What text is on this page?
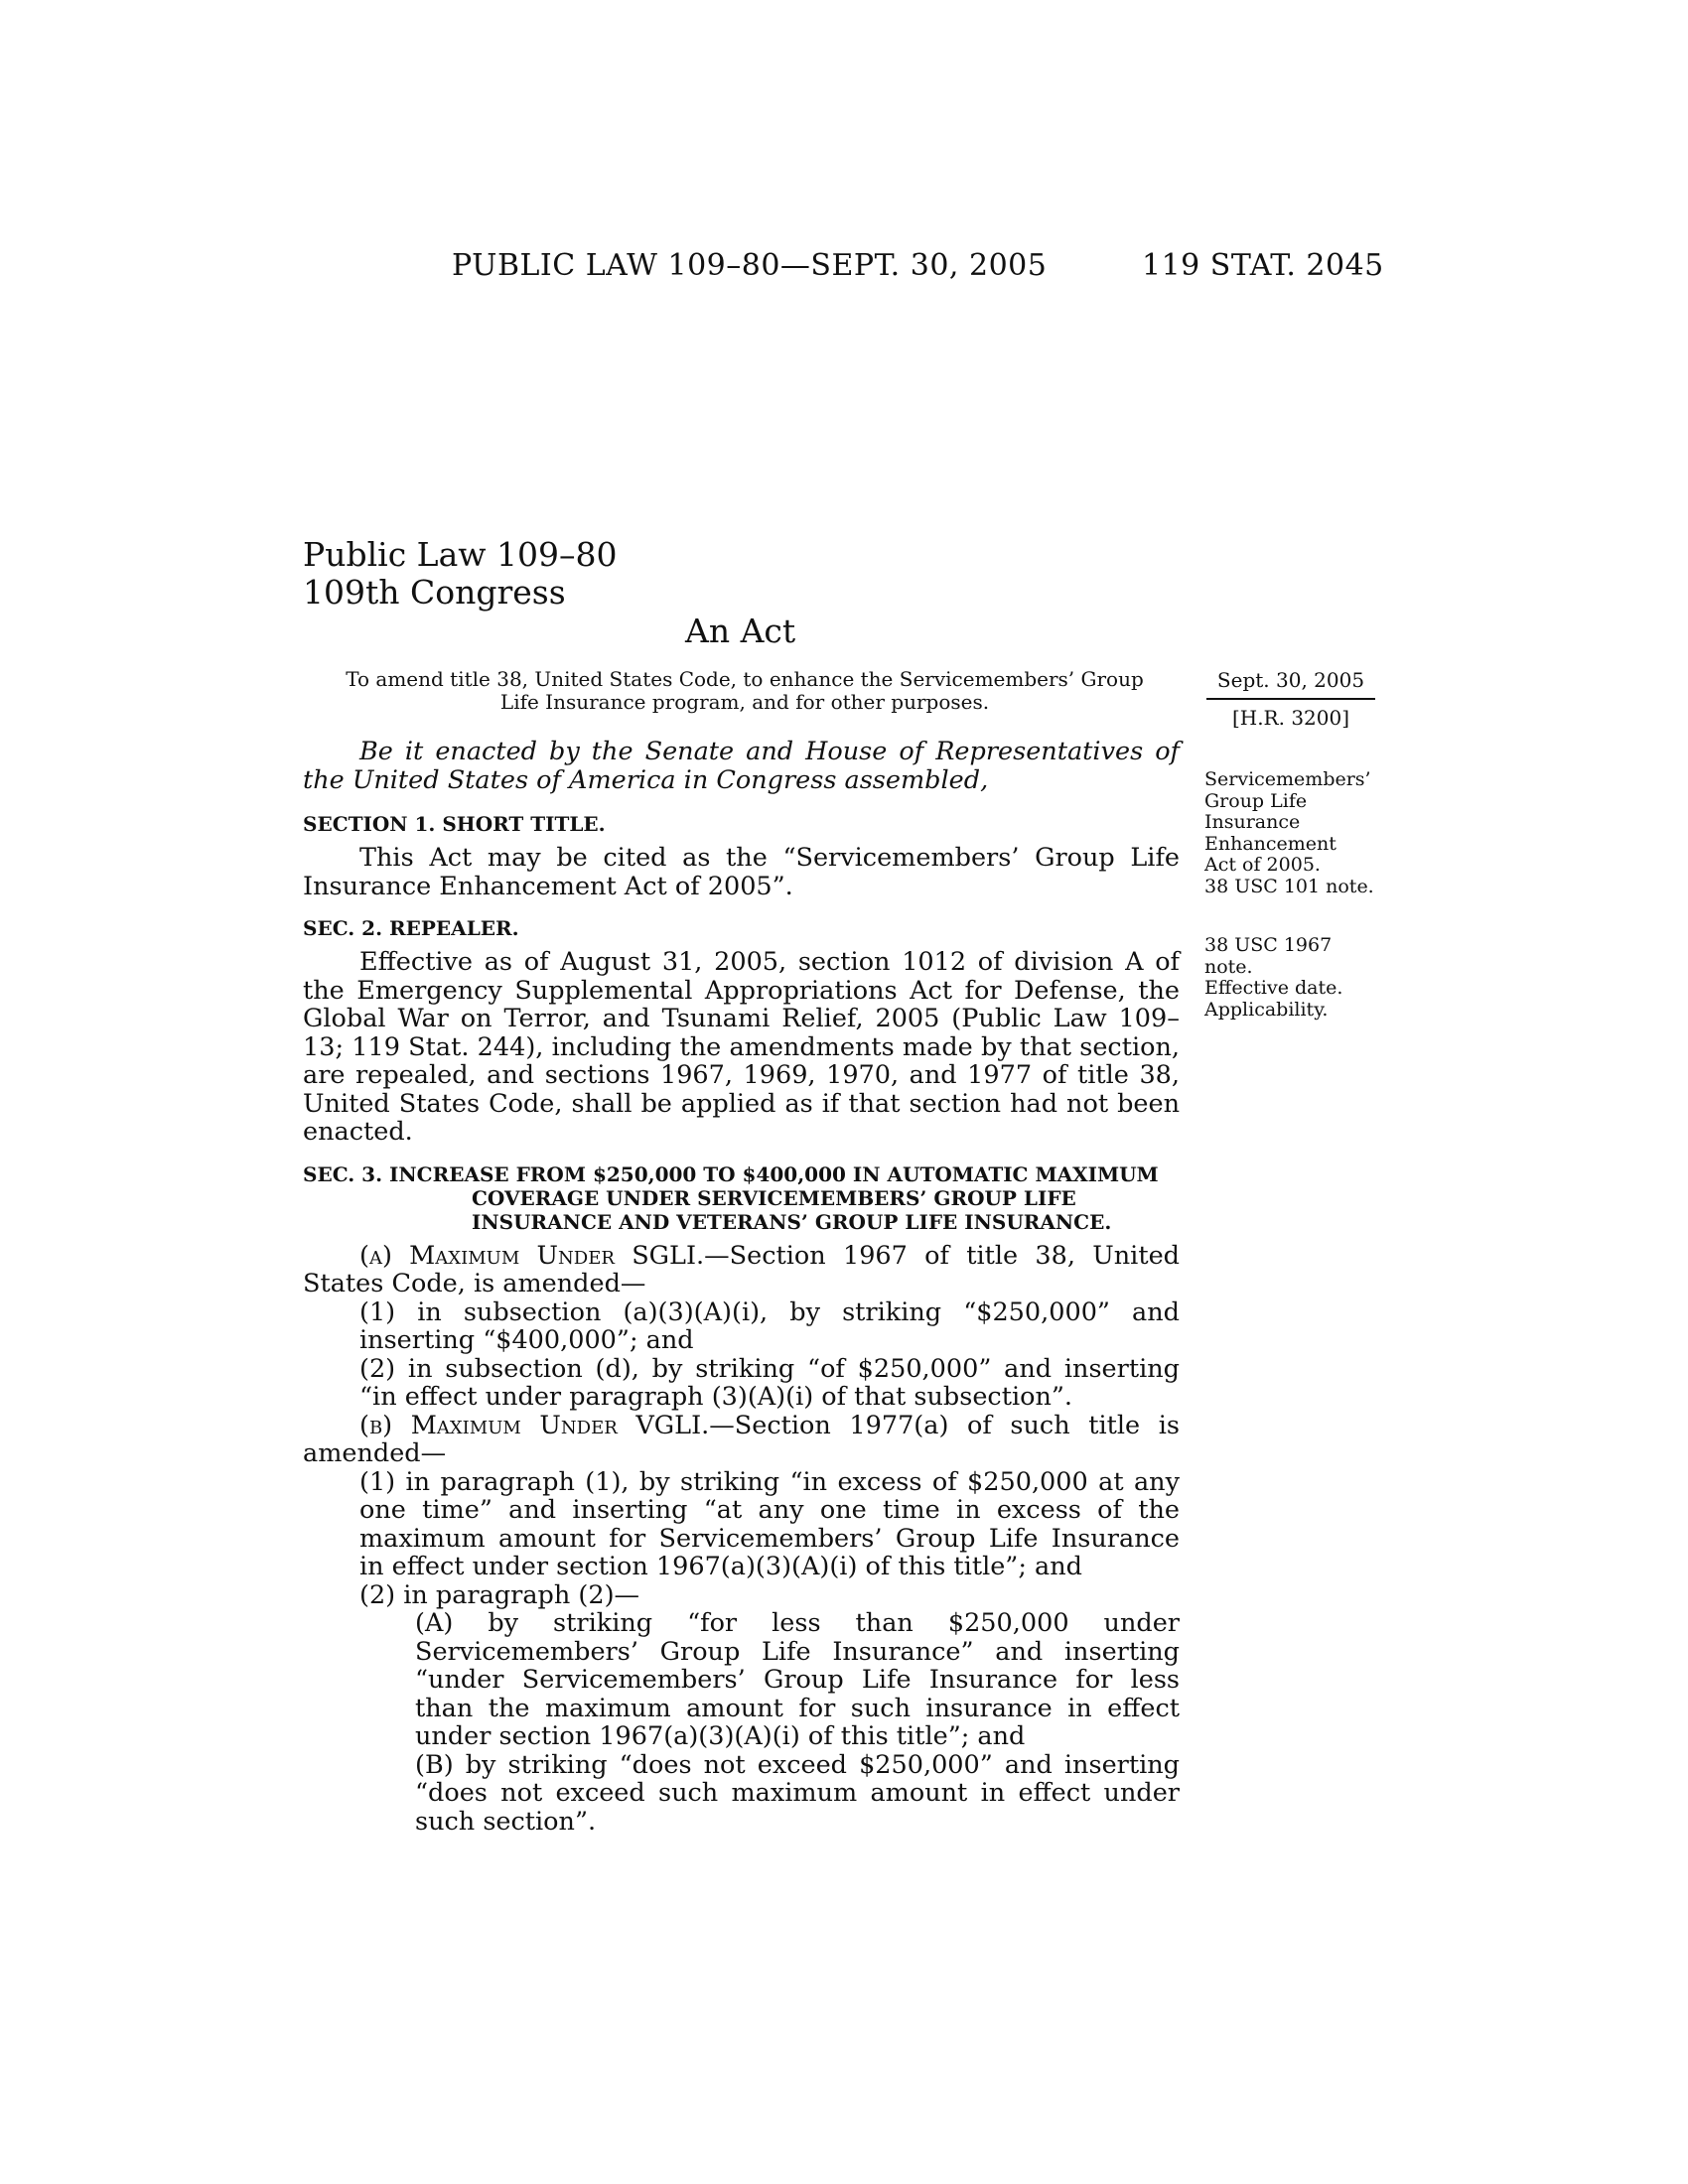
PUBLIC LAW 109–80—SEPT. 30, 2005	119 STAT. 2045
Public Law 109–80
109th Congress
An Act
To amend title 38, United States Code, to enhance the Servicemembers’ Group Life Insurance program, and for other purposes.
Sept. 30, 2005
[H.R. 3200]

Be it enacted by the Senate and House of Representatives of the United States of America in Congress assembled,

SECTION 1. SHORT TITLE.

This Act may be cited as the “Servicemembers’ Group Life Insurance Enhancement Act of 2005”.

SEC. 2. REPEALER.

Effective as of August 31, 2005, section 1012 of division A of the Emergency Supplemental Appropriations Act for Defense, the Global War on Terror, and Tsunami Relief, 2005 (Public Law 109–13; 119 Stat. 244), including the amendments made by that section, are repealed, and sections 1967, 1969, 1970, and 1977 of title 38, United States Code, shall be applied as if that section had not been enacted.

SEC. 3. INCREASE FROM $250,000 TO $400,000 IN AUTOMATIC MAXIMUM COVERAGE UNDER SERVICEMEMBERS’ GROUP LIFE INSURANCE AND VETERANS’ GROUP LIFE INSURANCE.

(a) Maximum Under SGLI.—Section 1967 of title 38, United States Code, is amended—

(1) in subsection (a)(3)(A)(i), by striking “$250,000” and inserting “$400,000”; and

(2) in subsection (d), by striking “of $250,000” and inserting “in effect under paragraph (3)(A)(i) of that subsection”.

(b) Maximum Under VGLI.—Section 1977(a) of such title is amended—

(1) in paragraph (1), by striking “in excess of $250,000 at any one time” and inserting “at any one time in excess of the maximum amount for Servicemembers’ Group Life Insurance in effect under section 1967(a)(3)(A)(i) of this title”; and

(2) in paragraph (2)—

(A) by striking “for less than $250,000 under Servicemembers’ Group Life Insurance” and inserting “under Servicemembers’ Group Life Insurance for less than the maximum amount for such insurance in effect under section 1967(a)(3)(A)(i) of this title”; and

(B) by striking “does not exceed $250,000” and inserting “does not exceed such maximum amount in effect under such section”.

Servicemembers’
Group Life
Insurance
Enhancement
Act of 2005.
38 USC 101 note.
38 USC 1967
note.
Effective date.
Applicability.
